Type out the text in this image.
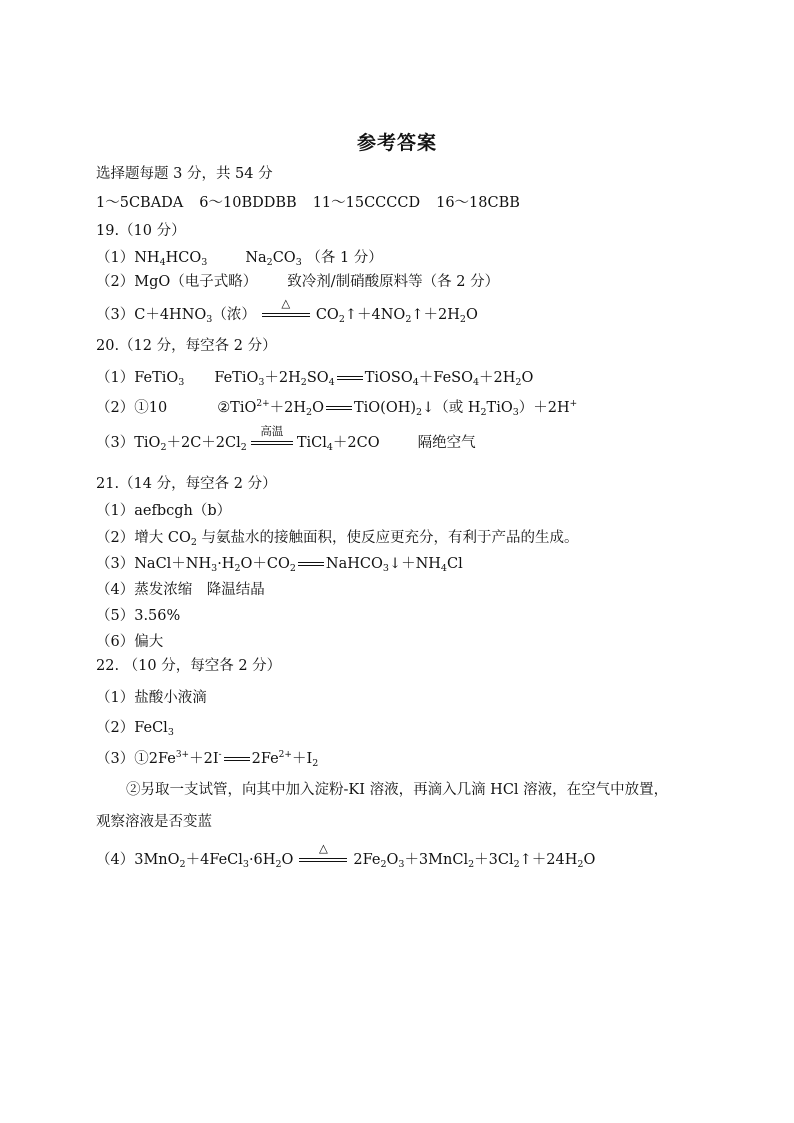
参考答案
选择题每题 3 分，共 54 分
1～5CBADA 6～10BDDBB 11～15CCCCD 16～18CBB
19.（10 分）
$(1)NH_4HCO_3$	$Na_2CO_3$ （各 1 分）
（2）MgO（电子式略） 致冷剂/制硝酸原料等（各 2 分）
$(3)C+4HNO_3$（浓）
△
$CO_2↑+4NO_2↑+2H_2O$
20.（12 分，每空各 2 分）
（1）FeTiO$_3$ $FeTiO_3+2H_2SO_4$ $TiOSO_4+FeSO_4+2H_2O$
（2）①10	$②TiO^{2+}+2H_2O$ $TiO(OH)_2↓$（或 $H_2TiO_3)+2H^+$
$(3)TiO_2+2C+2Cl_2$
高温
TiCl$_4$＋2CO	隔绝空气
21.（14 分，每空各 2 分）
（1）aefbcgh（b）
（2）增大 $CO_2$ 与氨盐水的接触面积，使反应更充分，有利于产品的生成。
$(3)NaCl+NH_3\cdot H_2O+CO_2$ $NaHCO_3↓+NH_4Cl$
（4）蒸发浓缩　降温结晶
（5）3.56%
（6）偏大
22. （10 分，每空各 2 分）
（1）盐酸小液滴
（2）FeCl$_3$
$(3)①2Fe^{3+}+2I^-$ $2Fe^{2+}+I_2$
②另取一支试管，向其中加入淀粉-KI 溶液，再滴入几滴 HCl 溶液，在空气中放置，
观察溶液是否变蓝
$(4)3MnO_2+4FeCl_3\cdot 6H_2O$
△
$2Fe_2O_3+3MnCl_2+3Cl_2↑+24H_2O$
